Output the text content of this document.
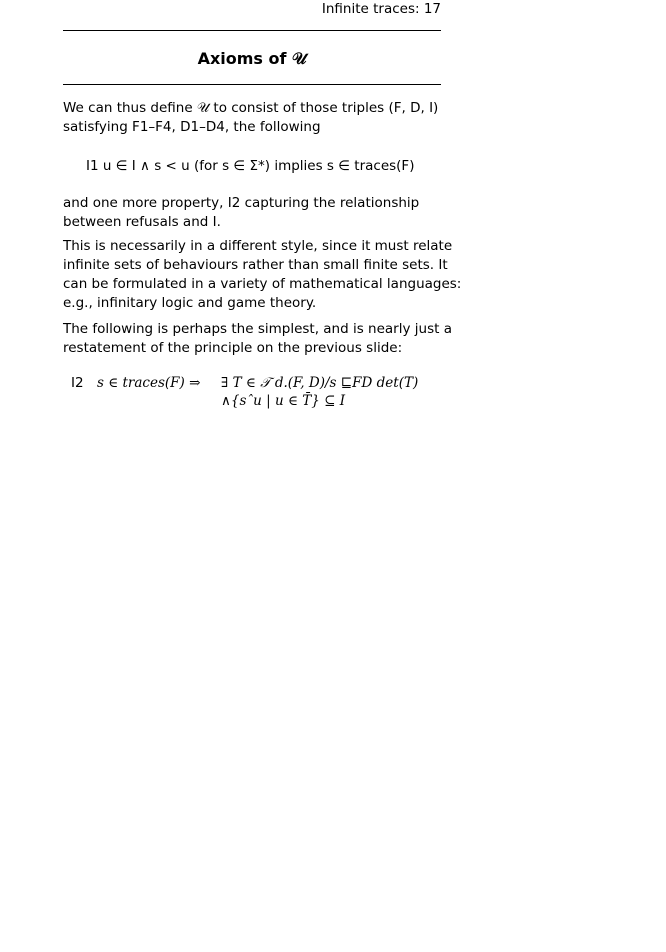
Infinite traces: 17
Axioms of 𝒰
We can thus define 𝒰 to consist of those triples (F, D, I)
satisfying F1–F4, D1–D4, the following
I1 u ∈ I ∧ s < u (for s ∈ Σ*) implies s ∈ traces(F)
and one more property, I2 capturing the relationship
between refusals and I.
This is necessarily in a different style, since it must relate
infinite sets of behaviours rather than small finite sets. It
can be formulated in a variety of mathematical languages:
e.g., infinitary logic and game theory.
The following is perhaps the simplest, and is nearly just a
restatement of the principle on the previous slide:
I2 s ∈ traces(F) ⇒ ∃ T ∈ 𝒯 d.(F, D)/s ⊑FD det(T)
∧{sˆu | u ∈ T̄} ⊆ I
